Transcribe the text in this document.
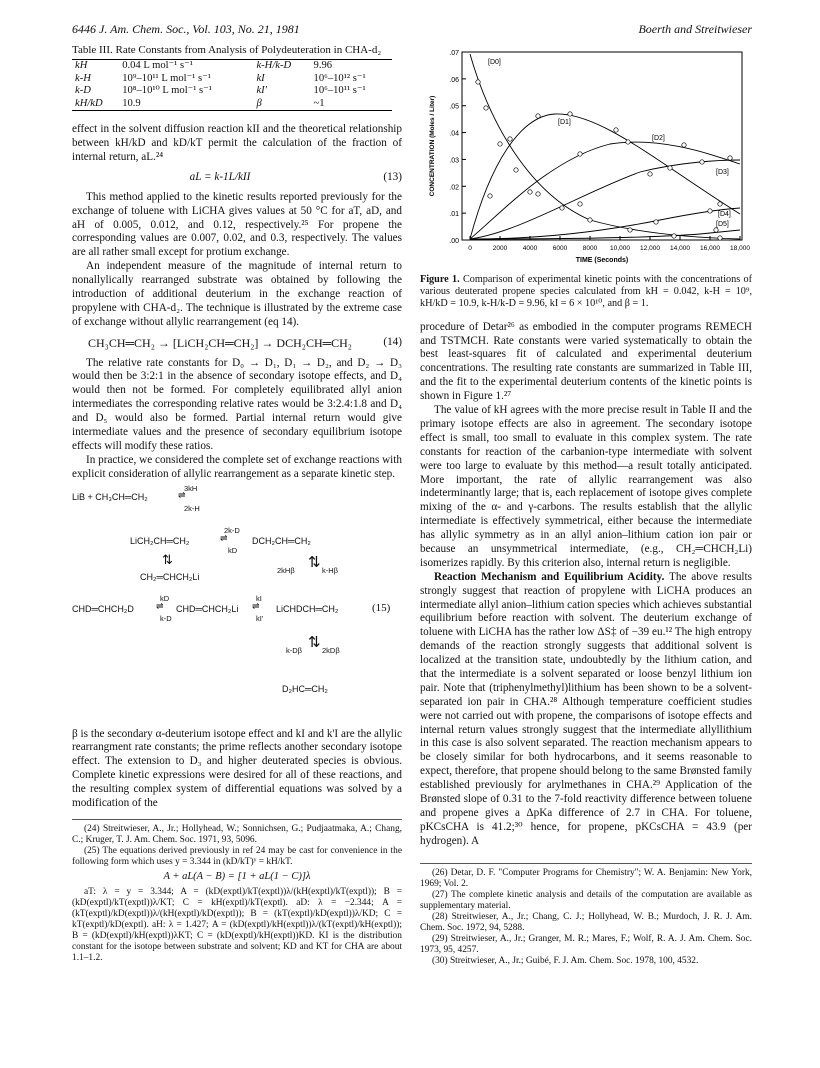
6446 J. Am. Chem. Soc., Vol. 103, No. 21, 1981	Boerth and Streitwieser
Table III. Rate Constants from Analysis of Polydeuteration in CHA-d₂
kH	0.04 L mol⁻¹ s⁻¹	k-H/k-D	9.96
k-H	10⁹–10¹¹ L mol⁻¹ s⁻¹	kI	10⁶–10¹² s⁻¹
k-D	10⁸–10¹⁰ L mol⁻¹ s⁻¹	kI'	10⁶–10¹¹ s⁻¹
kH/kD	10.9	β	~1

effect in the solvent diffusion reaction kII and the theoretical relationship between kH/kD and kD/kT permit the calculation of the fraction of internal return, aL.²⁴

aL = k-1L/kII	(13)

This method applied to the kinetic results reported previously for the exchange of toluene with LiCHA gives values at 50 °C for aT, aD, and aH of 0.005, 0.012, and 0.12, respectively.²⁵ For propene the corresponding values are 0.007, 0.02, and 0.3, respectively. The values are all rather small except for protium exchange.

An independent measure of the magnitude of internal return to nonallylically rearranged substrate was obtained by following the introduction of additional deuterium in the exchange reaction of propylene with CHA-d₂. The technique is illustrated by the extreme case of exchange without allylic rearrangement (eq 14).

CH₃CH═CH₂ → [LiCH₂CH═CH₂] → DCH₂CH═CH₂	(14)

The relative rate constants for D₀ → D₁, D₁ → D₂, and D₂ → D₃ would then be 3:2:1 in the absence of secondary isotope effects, and D₄ would then not be formed. For completely equilibrated allyl anion intermediates the corresponding relative rates would be 3:2.4:1.8 and D₄ and D₅ would also be formed. Partial internal return would give intermediate values and the presence of secondary equilibrium isotope effects will modify these ratios.

In practice, we considered the complete set of exchange reactions with explicit consideration of allylic rearrangement as a separate kinetic step.

LiB + CH₃CH═CH₂
3kH
⇌
2k-H
LiCH₂CH═CH₂
2k-D
⇌
kD
DCH₂CH═CH₂
⇅
CH₂═CHCH₂Li
2kHβ ⇅ k-Hβ
CHD═CHCH₂D
kD
⇌
k-D
CHD═CHCH₂Li
kI
⇌
kI'
LiCHDCH═CH₂	(15)
k-Dβ ⇅ 2kDβ
D₂HC═CH₂

β is the secondary α-deuterium isotope effect and kI and k'I are the allylic rearrangment rate constants; the prime reflects another secondary isotope effect. The extension to D₃ and higher deuterated species is obvious. Complete kinetic expressions were desired for all of these reactions, and the resulting complex system of differential equations was solved by a modification of the

(24) Streitwieser, A., Jr.; Hollyhead, W.; Sonnichsen, G.; Pudjaatmaka, A.; Chang, C.; Kruger, T. J. Am. Chem. Soc. 1971, 93, 5096.

(25) The equations derived previously in ref 24 may be cast for convenience in the following form which uses y = 3.344 in (kD/kT)ʸ = kH/kT.

A + aL(A − B) = [1 + aL(1 − C)]λ

aT: λ = y = 3.344; A = (kD(exptl)/kT(exptl))λ/(kH(exptl)/kT(exptl)); B = (kD(exptl)/kT(exptl))λ/KT; C = kH(exptl)/kT(exptl). aD: λ = −2.344; A = (kT(exptl)/kD(exptl))λ/(kH(exptl)/kD(exptl)); B = (kT(exptl)/kD(exptl))λ/KD; C = kT(exptl)/kD(exptl). aH: λ = 1.427; A = (kD(exptl)/kH(exptl))λ/(kT(exptl)/kH(exptl)); B = (kD(exptl)/kH(exptl))λKT; C = (kD(exptl)/kH(exptl))KD. KI is the distribution constant for the isotope between substrate and solvent; KD and KT for CHA are about 1.1–1.2.

.00
.01
.02
.03
.04
.05
.06
.07
0	2000 4000 6000 8000 10,000 12,000 14,000 16,000 18,000
TIME (Seconds)
CONCENTRATION (Moles / Liter)
[D0]
[D1]
[D2]
[D3]
[D4]
[D5]
Figure 1. Comparison of experimental kinetic points with the concentrations of various deuterated propene species calculated from kH = 0.042, k-H = 10⁹, kH/kD = 10.9, k-H/k-D = 9.96, kI = 6 × 10¹⁰, and β = 1.

procedure of Detar²⁶ as embodied in the computer programs REMECH and TSTMCH. Rate constants were varied systematically to obtain the best least-squares fit of calculated and experimental deuterium concentrations. The resulting rate constants are summarized in Table III, and the fit to the experimental deuterium contents of the kinetic points is shown in Figure 1.²⁷

The value of kH agrees with the more precise result in Table II and the primary isotope effects are also in agreement. The secondary isotope effect is small, too small to evaluate in this complex system. The rate constants for reaction of the carbanion-type intermediate with solvent were too large to evaluate by this method—a result totally anticipated. More important, the rate of allylic rearrangement was also indeterminantly large; that is, each replacement of isotope gives complete mixing of the α- and γ-carbons. The results establish that the allylic intermediate is effectively symmetrical, either because the intermediate has allylic symmetry as in an allyl anion–lithium cation ion pair or because an unsymmetrical intermediate, (e.g., CH₂═CHCH₂Li) isomerizes rapidly. By this criterion also, internal return is negligible.

Reaction Mechanism and Equilibrium Acidity. The above results strongly suggest that reaction of propylene with LiCHA produces an intermediate allyl anion–lithium cation species which achieves substantial equilibrium before reaction with solvent. The deuterium exchange of toluene with LiCHA has the rather low ΔS‡ of −39 eu.¹² The high entropy demands of the reaction strongly suggests that additional solvent is localized at the transition state, undoubtedly by the lithium cation, and that the intermediate is a solvent separated or loose benzyl lithium ion pair. Note that (triphenylmethyl)lithium has been shown to be a solvent-separated ion pair in CHA.²⁸ Although temperature coefficient studies were not carried out with propene, the comparisons of isotope effects and internal return values strongly suggest that the intermediate allyllithium in this case is also solvent separated. The reaction mechanism appears to be closely similar for both hydrocarbons, and it seems reasonable to expect, therefore, that propene should belong to the same Brønsted family established previously for arylmethanes in CHA.²⁹ Application of the Brønsted slope of 0.31 to the 7-fold reactivity difference between toluene and propene gives a ΔpKa difference of 2.7 in CHA. For toluene, pKCsCHA is 41.2;³⁰ hence, for propene, pKCsCHA = 43.9 (per hydrogen). A

(26) Detar, D. F. "Computer Programs for Chemistry"; W. A. Benjamin: New York, 1969; Vol. 2.

(27) The complete kinetic analysis and details of the computation are available as supplementary material.

(28) Streitwieser, A., Jr.; Chang, C. J.; Hollyhead, W. B.; Murdoch, J. R. J. Am. Chem. Soc. 1972, 94, 5288.

(29) Streitwieser, A., Jr.; Granger, M. R.; Mares, F.; Wolf, R. A. J. Am. Chem. Soc. 1973, 95, 4257.

(30) Streitwieser, A., Jr.; Guibé, F. J. Am. Chem. Soc. 1978, 100, 4532.
